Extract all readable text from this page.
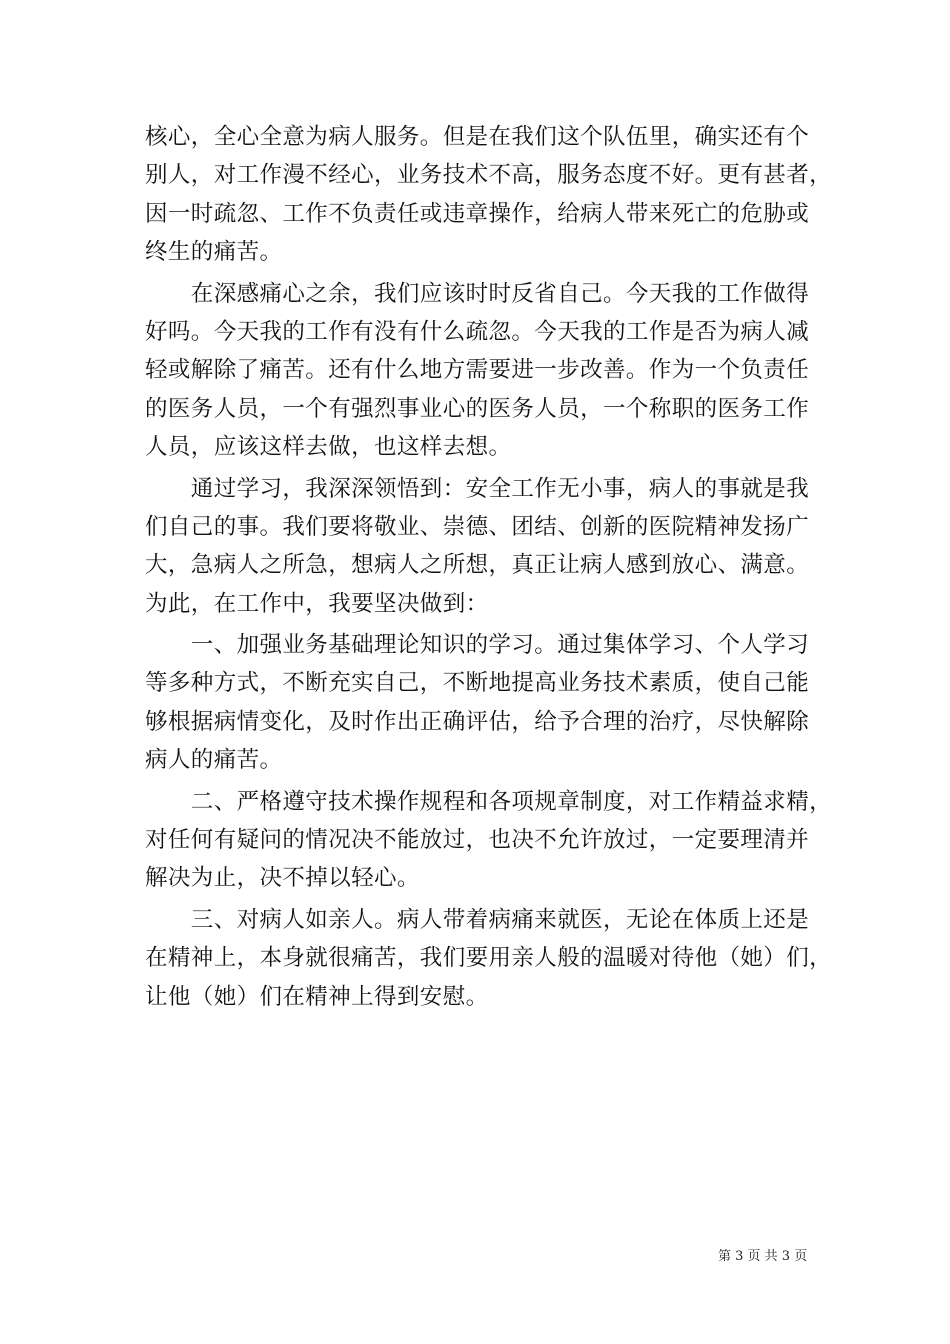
核心，全心全意为病人服务。但是在我们这个队伍里，确实还有个
别人，对工作漫不经心，业务技术不高，服务态度不好。更有甚者，
因一时疏忽、工作不负责任或违章操作，给病人带来死亡的危胁或
终生的痛苦。
　　在深感痛心之余，我们应该时时反省自己。今天我的工作做得
好吗。今天我的工作有没有什么疏忽。今天我的工作是否为病人减
轻或解除了痛苦。还有什么地方需要进一步改善。作为一个负责任
的医务人员，一个有强烈事业心的医务人员，一个称职的医务工作
人员，应该这样去做，也这样去想。
　　通过学习，我深深领悟到：安全工作无小事，病人的事就是我
们自己的事。我们要将敬业、崇德、团结、创新的医院精神发扬广
大，急病人之所急，想病人之所想，真正让病人感到放心、满意。
为此，在工作中，我要坚决做到：
　　一、加强业务基础理论知识的学习。通过集体学习、个人学习
等多种方式，不断充实自己，不断地提高业务技术素质，使自己能
够根据病情变化，及时作出正确评估，给予合理的治疗，尽快解除
病人的痛苦。
　　二、严格遵守技术操作规程和各项规章制度，对工作精益求精，
对任何有疑问的情况决不能放过，也决不允许放过，一定要理清并
解决为止，决不掉以轻心。
　　三、对病人如亲人。病人带着病痛来就医，无论在体质上还是
在精神上，本身就很痛苦，我们要用亲人般的温暖对待他（她）们，
让他（她）们在精神上得到安慰。
第 3 页 共 3 页
